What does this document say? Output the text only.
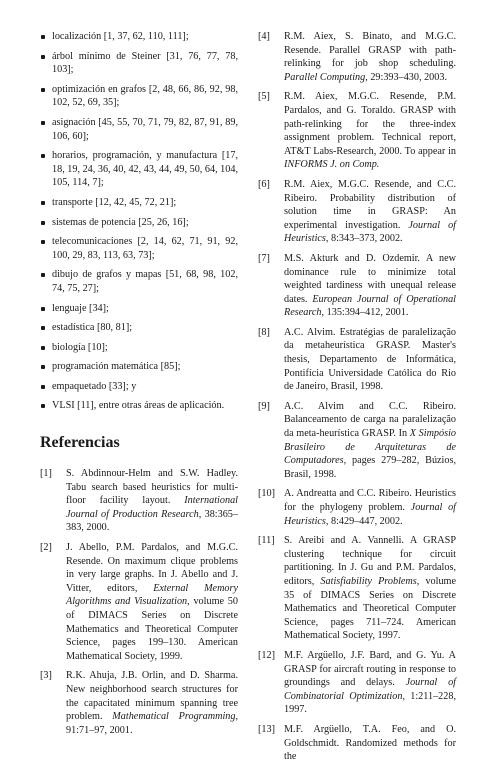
localización [1, 37, 62, 110, 111];
árbol mínimo de Steiner [31, 76, 77, 78, 103];
optimización en grafos [2, 48, 66, 86, 92, 98, 102, 52, 69, 35];
asignación [45, 55, 70, 71, 79, 82, 87, 91, 89, 106, 60];
horarios, programación, y manufactura [17, 18, 19, 24, 36, 40, 42, 43, 44, 49, 50, 64, 104, 105, 114, 7];
transporte [12, 42, 45, 72, 21];
sistemas de potencia [25, 26, 16];
telecomunicaciones [2, 14, 62, 71, 91, 92, 100, 29, 83, 113, 63, 73];
dibujo de grafos y mapas [51, 68, 98, 102, 74, 75, 27];
lenguaje [34];
estadística [80, 81];
biología [10];
programación matemática [85];
empaquetado [33]; y
VLSI [11], entre otras áreas de aplicación.
Referencias
[1]	S. Abdinnour-Helm and S.W. Hadley. Tabu search based heuristics for multi-floor facility layout. International Journal of Production Research, 38:365–383, 2000.
[2]	J. Abello, P.M. Pardalos, and M.G.C. Resende. On maximum clique problems in very large graphs. In J. Abello and J. Vitter, editors, External Memory Algorithms and Visualization, volume 50 of DIMACS Series on Discrete Mathematics and Theoretical Computer Science, pages 199–130. American Mathematical Society, 1999.
[3]	R.K. Ahuja, J.B. Orlin, and D. Sharma. New neighborhood search structures for the capacitated minimum spanning tree problem. Mathematical Programming, 91:71–97, 2001.
[4]	R.M. Aiex, S. Binato, and M.G.C. Resende. Parallel GRASP with path-relinking for job shop scheduling. Parallel Computing, 29:393–430, 2003.
[5]	R.M. Aiex, M.G.C. Resende, P.M. Pardalos, and G. Toraldo. GRASP with path-relinking for the three-index assignment problem. Technical report, AT&T Labs-Research, 2000. To appear in INFORMS J. on Comp.
[6]	R.M. Aiex, M.G.C. Resende, and C.C. Ribeiro. Probability distribution of solution time in GRASP: An experimental investigation. Journal of Heuristics, 8:343–373, 2002.
[7]	M.S. Akturk and D. Ozdemir. A new dominance rule to minimize total weighted tardiness with unequal release dates. European Journal of Operational Research, 135:394–412, 2001.
[8]	A.C. Alvim. Estratégias de paralelização da metaheurística GRASP. Master's thesis, Departamento de Informática, Pontifícia Universidade Católica do Rio de Janeiro, Brasil, 1998.
[9]	A.C. Alvim and C.C. Ribeiro. Balanceamento de carga na paralelização da meta-heurística GRASP. In X Simpósio Brasileiro de Arquiteturas de Computadores, pages 279–282, Búzios, Brasil, 1998.
[10] A. Andreatta and C.C. Ribeiro. Heuristics for the phylogeny problem. Journal of Heuristics, 8:429–447, 2002.
[11] S. Areibi and A. Vannelli. A GRASP clustering technique for circuit partitioning. In J. Gu and P.M. Pardalos, editors, Satisfiability Problems, volume 35 of DIMACS Series on Discrete Mathematics and Theoretical Computer Science, pages 711–724. American Mathematical Society, 1997.
[12] M.F. Argüello, J.F. Bard, and G. Yu. A GRASP for aircraft routing in response to groundings and delays. Journal of Combinatorial Optimization, 1:211–228, 1997.
[13] M.F. Argüello, T.A. Feo, and O. Goldschmidt. Randomized methods for the
